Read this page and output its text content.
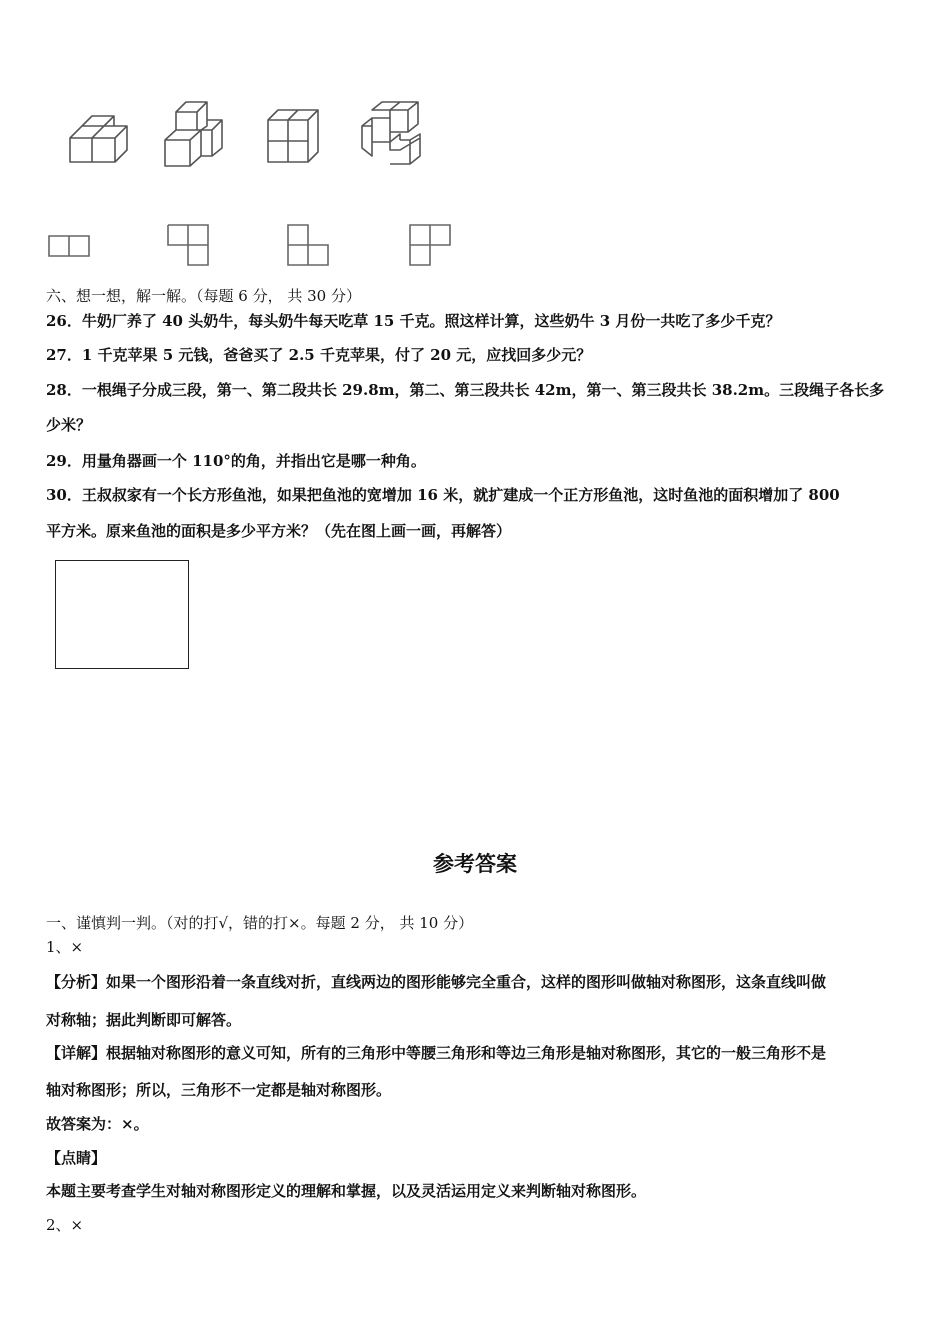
六、想一想，解一解。（每题 6 分， 共 30 分）
26．牛奶厂养了 40 头奶牛，每头奶牛每天吃草 15 千克。照这样计算，这些奶牛 3 月份一共吃了多少千克？
27．1 千克苹果 5 元钱，爸爸买了 2.5 千克苹果，付了 20 元，应找回多少元？
28．一根绳子分成三段，第一、第二段共长 29.8m，第二、第三段共长 42m，第一、第三段共长 38.2m。三段绳子各长多
少米？
29．用量角器画一个 110°的角，并指出它是哪一种角。
30．王叔叔家有一个长方形鱼池，如果把鱼池的宽增加 16 米，就扩建成一个正方形鱼池，这时鱼池的面积增加了 800
平方米。原来鱼池的面积是多少平方米？（先在图上画一画，再解答）
参考答案
一、谨慎判一判。（对的打√，错的打×。每题 2 分， 共 10 分）
1、×
【分析】如果一个图形沿着一条直线对折，直线两边的图形能够完全重合，这样的图形叫做轴对称图形，这条直线叫做
对称轴；据此判断即可解答。
【详解】根据轴对称图形的意义可知，所有的三角形中等腰三角形和等边三角形是轴对称图形，其它的一般三角形不是
轴对称图形；所以，三角形不一定都是轴对称图形。
故答案为：×。
【点睛】
本题主要考查学生对轴对称图形定义的理解和掌握，以及灵活运用定义来判断轴对称图形。
2、×
